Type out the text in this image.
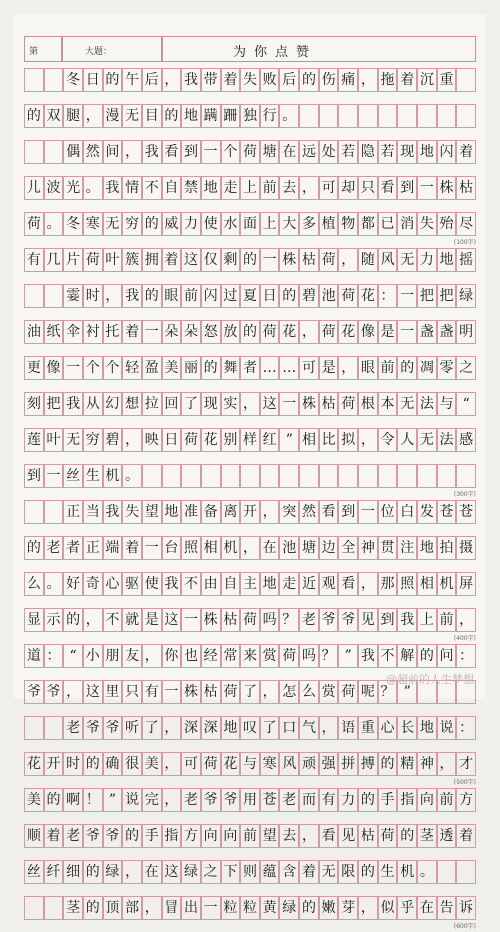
第	大题：	为你点赞
冬 日 的 午 后 ， 我 带 着 失 败 后 的 伤 痛 ， 拖 着 沉 重
的 双 腿 ， 漫 无 目 的 地 蹒 跚 独 行 。
偶 然 间 ， 我 看 到 一 个 荷 塘 在 远 处 若 隐 若 现 地 闪 着
儿 波 光 。 我 情 不 自 禁 地 走 上 前 去 ， 可 却 只 看 到 一 株 枯
荷 。 冬 寒 无 穷 的 威 力 使 水 面 上 大 多 植 物 都 已 消 失 殆 尽
(100字)
有 几 片 荷 叶 簇 拥 着 这 仅 剩 的 一 株 枯 荷 ， 随 风 无 力 地 摇
霎 时 ， 我 的 眼 前 闪 过 夏 日 的 碧 池 荷 花 ： 一 把 把 绿
油 纸 伞 衬 托 着 一 朵 朵 怒 放 的 荷 花 ， 荷 花 像 是 一 盏 盏 明
更 像 一 个 个 轻 盈 美 丽 的 舞 者 … … 可 是 ， 眼 前 的 凋 零 之
刻 把 我 从 幻 想 拉 回 了 现 实 ， 这 一 株 枯 荷 根 本 无 法 与 “
莲 叶 无 穷 碧 ， 映 日 荷 花 别 样 红 ” 相 比 拟 ， 令 人 无 法 感
到 一 丝 生 机 。
(300字)
正 当 我 失 望 地 准 备 离 开 ， 突 然 看 到 一 位 白 发 苍 苍
的 老 者 正 端 着 一 台 照 相 机 ， 在 池 塘 边 全 神 贯 注 地 拍 摄
么 。 好 奇 心 驱 使 我 不 由 自 主 地 走 近 观 看 ， 那 照 相 机 屏
显 示 的 ， 不 就 是 这 一 株 枯 荷 吗 ？ 老 爷 爷 见 到 我 上 前 ，
(400字)
道 ： “ 小 朋 友 ， 你 也 经 常 来 赏 荷 吗 ？ ” 我 不 解 的 问 ：
爷 爷 ， 这 里 只 有 一 株 枯 荷 了 ， 怎 么 赏 荷 呢 ？ ”
老 爷 爷 听 了 ， 深 深 地 叹 了 口 气 ， 语 重 心 长 地 说 ：
花 开 时 的 确 很 美 ， 可 荷 花 与 寒 风 顽 强 拼 搏 的 精 神 ， 才
(500字)
美 的 啊 ！ ” 说 完 ， 老 爷 爷 用 苍 老 而 有 力 的 手 指 向 前 方
顺 着 老 爷 爷 的 手 指 方 向 向 前 望 去 ， 看 见 枯 荷 的 茎 透 着
丝 纤 细 的 绿 ， 在 这 绿 之 下 则 蕴 含 着 无 限 的 生 机 。
茎 的 顶 部 ， 冒 出 一 粒 粒 黄 绿 的 嫩 芽 ， 似 乎 在 告 诉
(600字)
@超前的人生梦想
